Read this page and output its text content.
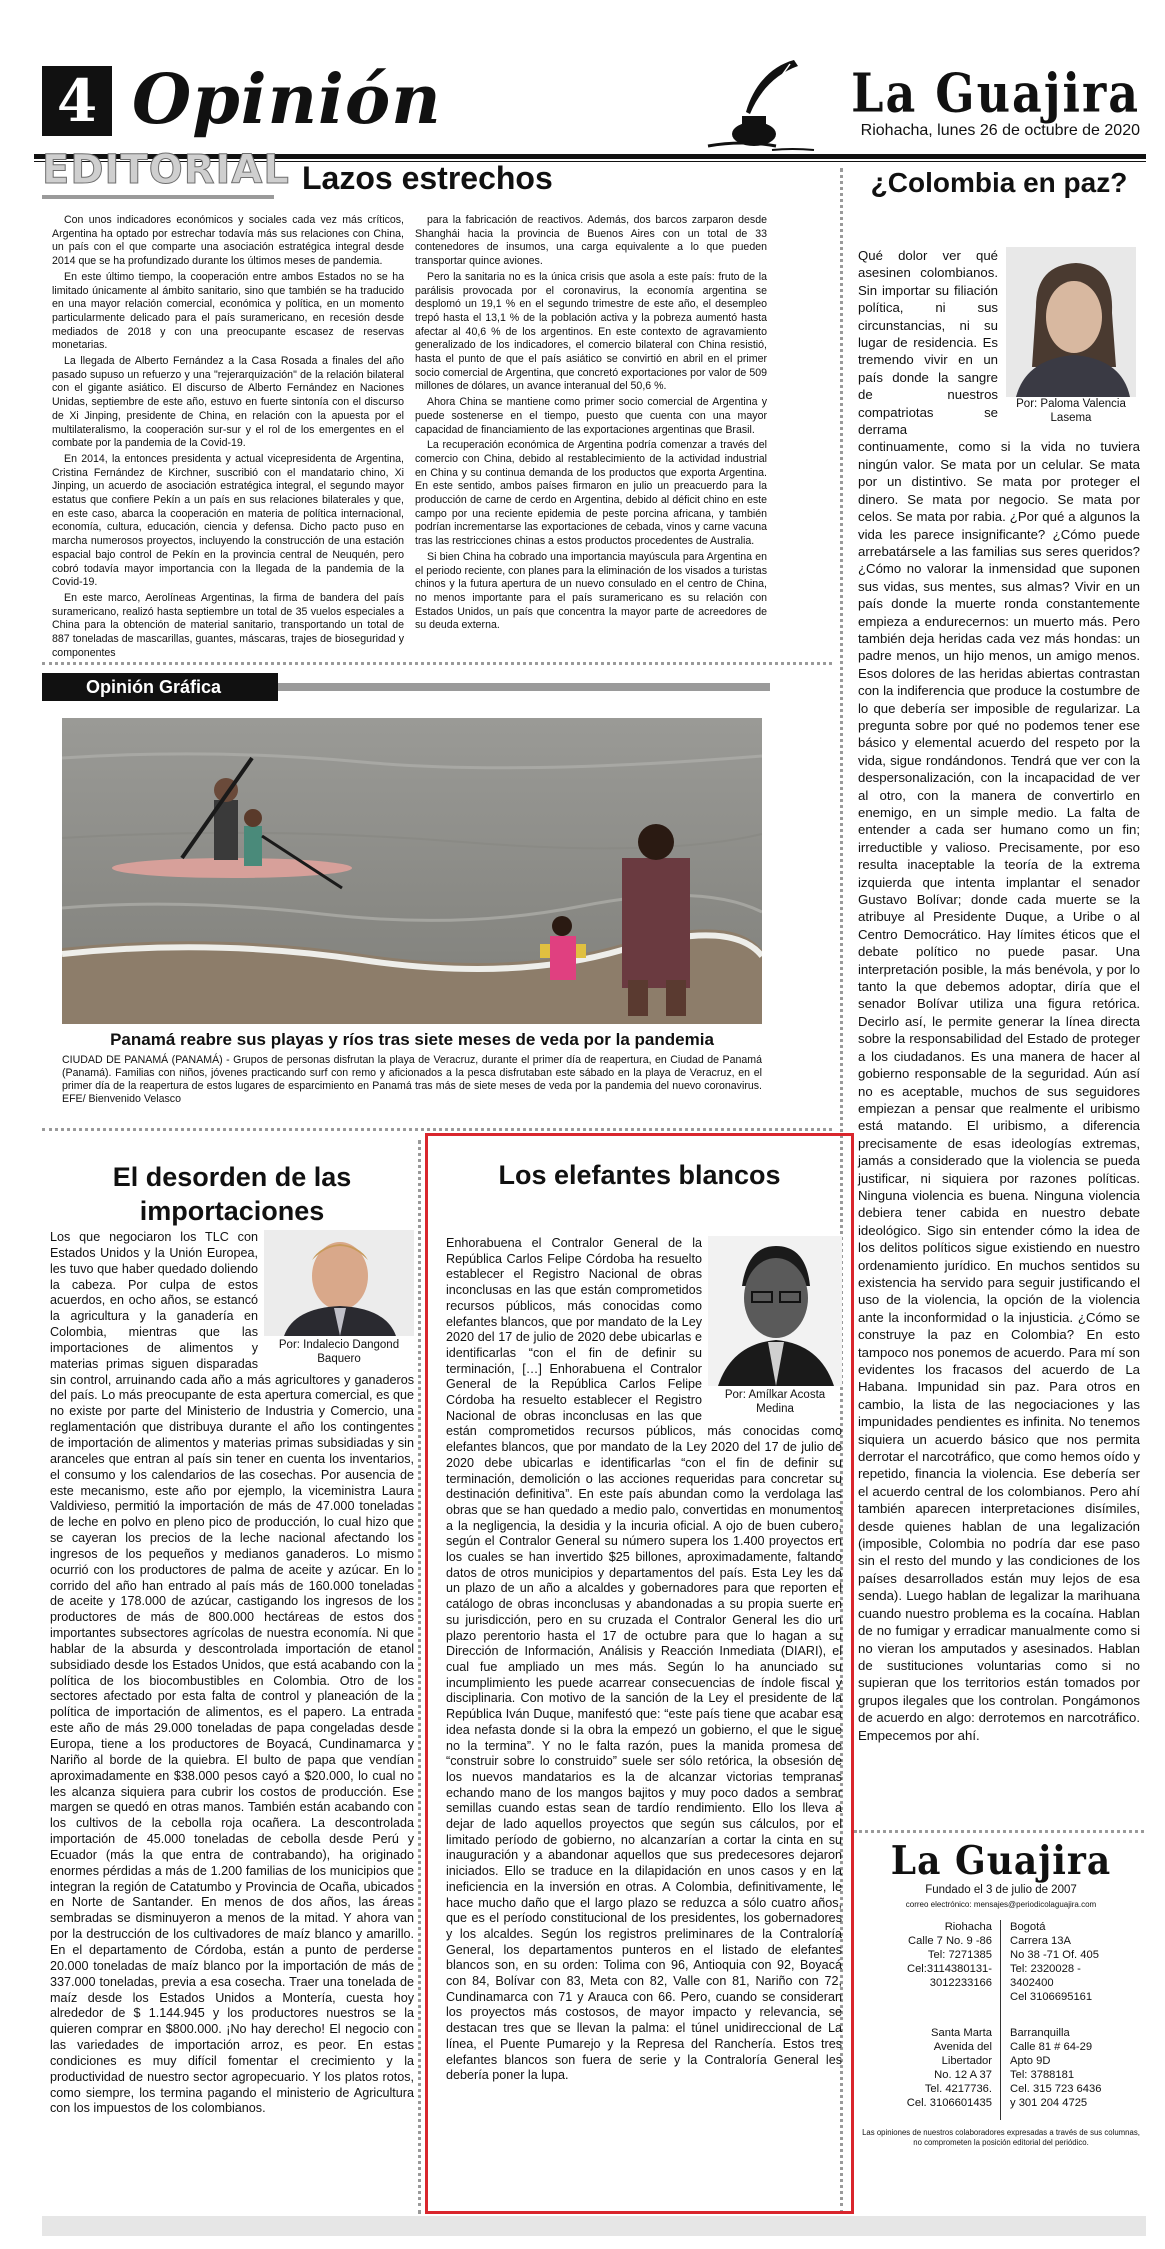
4 Opinión	La Guajira
Riohacha, lunes 26 de octubre de 2020
EDITORIAL Lazos estrechos

Con unos indicadores económicos y sociales cada vez más críticos, Argentina ha optado por estrechar todavía más sus relaciones con China, un país con el que comparte una asociación estratégica integral desde 2014 que se ha profundizado durante los últimos meses de pandemia.

En este último tiempo, la cooperación entre ambos Estados no se ha limitado únicamente al ámbito sanitario, sino que también se ha traducido en una mayor relación comercial, económica y política, en un momento particularmente delicado para el país suramericano, en recesión desde mediados de 2018 y con una preocupante escasez de reservas monetarias.

La llegada de Alberto Fernández a la Casa Rosada a finales del año pasado supuso un refuerzo y una "rejerarquización" de la relación bilateral con el gigante asiático. El discurso de Alberto Fernández en Naciones Unidas, septiembre de este año, estuvo en fuerte sintonía con el discurso de Xi Jinping, presidente de China, en relación con la apuesta por el multilateralismo, la cooperación sur-sur y el rol de los emergentes en el combate por la pandemia de la Covid-19.

En 2014, la entonces presidenta y actual vicepresidenta de Argentina, Cristina Fernández de Kirchner, suscribió con el mandatario chino, Xi Jinping, un acuerdo de asociación estratégica integral, el segundo mayor estatus que confiere Pekín a un país en sus relaciones bilaterales y que, en este caso, abarca la cooperación en materia de política internacional, economía, cultura, educación, ciencia y defensa. Dicho pacto puso en marcha numerosos proyectos, incluyendo la construcción de una estación espacial bajo control de Pekín en la provincia central de Neuquén, pero cobró todavía mayor importancia con la llegada de la pandemia de la Covid-19.

En este marco, Aerolíneas Argentinas, la firma de bandera del país suramericano, realizó hasta septiembre un total de 35 vuelos especiales a China para la obtención de material sanitario, transportando un total de 887 toneladas de mascarillas, guantes, máscaras, trajes de bioseguridad y componentes

para la fabricación de reactivos. Además, dos barcos zarparon desde Shanghái hacia la provincia de Buenos Aires con un total de 33 contenedores de insumos, una carga equivalente a lo que pueden transportar quince aviones.

Pero la sanitaria no es la única crisis que asola a este país: fruto de la parálisis provocada por el coronavirus, la economía argentina se desplomó un 19,1 % en el segundo trimestre de este año, el desempleo trepó hasta el 13,1 % de la población activa y la pobreza aumentó hasta afectar al 40,6 % de los argentinos. En este contexto de agravamiento generalizado de los indicadores, el comercio bilateral con China resistió, hasta el punto de que el país asiático se convirtió en abril en el primer socio comercial de Argentina, que concretó exportaciones por valor de 509 millones de dólares, un avance interanual del 50,6 %.

Ahora China se mantiene como primer socio comercial de Argentina y puede sostenerse en el tiempo, puesto que cuenta con una mayor capacidad de financiamiento de las exportaciones argentinas que Brasil.

La recuperación económica de Argentina podría comenzar a través del comercio con China, debido al restablecimiento de la actividad industrial en China y su continua demanda de los productos que exporta Argentina. En este sentido, ambos países firmaron en julio un preacuerdo para la producción de carne de cerdo en Argentina, debido al déficit chino en este campo por una reciente epidemia de peste porcina africana, y también podrían incrementarse las exportaciones de cebada, vinos y carne vacuna tras las restricciones chinas a estos productos procedentes de Australia.

Si bien China ha cobrado una importancia mayúscula para Argentina en el periodo reciente, con planes para la eliminación de los visados a turistas chinos y la futura apertura de un nuevo consulado en el centro de China, no menos importante para el país suramericano es su relación con Estados Unidos, un país que concentra la mayor parte de acreedores de su deuda externa.

Opinión Gráfica
Panamá reabre sus playas y ríos tras siete meses de veda por la pandemia
CIUDAD DE PANAMÁ (PANAMÁ) - Grupos de personas disfrutan la playa de Veracruz, durante el primer día de reapertura, en Ciudad de Panamá (Panamá). Familias con niños, jóvenes practicando surf con remo y aficionados a la pesca disfrutaban este sábado en la playa de Veracruz, en el primer día de la reapertura de estos lugares de esparcimiento en Panamá tras más de siete meses de veda por la pandemia del nuevo coronavirus. EFE/ Bienvenido Velasco
¿Colombia en paz?
Por: Paloma Valencia Lasema
Qué dolor ver qué asesinen colombianos. Sin importar su filiación política, ni sus circunstancias, ni su lugar de residencia. Es tremendo vivir en un país donde la sangre de nuestros compatriotas se derrama continuamente, como si la vida no tuviera ningún valor. Se mata por un celular. Se mata por un distintivo. Se mata por proteger el dinero. Se mata por negocio. Se mata por celos. Se mata por rabia. ¿Por qué a algunos la vida les parece insignificante? ¿Cómo puede arrebatársele a las familias sus seres queridos? ¿Cómo no valorar la inmensidad que suponen sus vidas, sus mentes, sus almas? Vivir en un país donde la muerte ronda constantemente empieza a endurecernos: un muerto más. Pero también deja heridas cada vez más hondas: un padre menos, un hijo menos, un amigo menos. Esos dolores de las heridas abiertas contrastan con la indiferencia que produce la costumbre de lo que debería ser imposible de regularizar. La pregunta sobre por qué no podemos tener ese básico y elemental acuerdo del respeto por la vida, sigue rondándonos. Tendrá que ver con la despersonalización, con la incapacidad de ver al otro, con la manera de convertirlo en enemigo, en un simple medio. La falta de entender a cada ser humano como un fin; irreductible y valioso. Precisamente, por eso resulta inaceptable la teoría de la extrema izquierda que intenta implantar el senador Gustavo Bolívar; donde cada muerte se la atribuye al Presidente Duque, a Uribe o al Centro Democrático. Hay límites éticos que el debate político no puede pasar. Una interpretación posible, la más benévola, y por lo tanto la que debemos adoptar, diría que el senador Bolívar utiliza una figura retórica. Decirlo así, le permite generar la línea directa sobre la responsabilidad del Estado de proteger a los ciudadanos. Es una manera de hacer al gobierno responsable de la seguridad. Aún así no es aceptable, muchos de sus seguidores empiezan a pensar que realmente el uribismo está matando. El uribismo, a diferencia precisamente de esas ideologías extremas, jamás a considerado que la violencia se pueda justificar, ni siquiera por razones políticas. Ninguna violencia es buena. Ninguna violencia debiera tener cabida en nuestro debate ideológico. Sigo sin entender cómo la idea de los delitos políticos sigue existiendo en nuestro ordenamiento jurídico. En muchos sentidos su existencia ha servido para seguir justificando el uso de la violencia, la opción de la violencia ante la inconformidad o la injusticia. ¿Cómo se construye la paz en Colombia? En esto tampoco nos ponemos de acuerdo. Para mí son evidentes los fracasos del acuerdo de La Habana. Impunidad sin paz. Para otros en cambio, la lista de las negociaciones y las impunidades pendientes es infinita. No tenemos siquiera un acuerdo básico que nos permita derrotar el narcotráfico, que como hemos oído y repetido, financia la violencia. Ese debería ser el acuerdo central de los colombianos. Pero ahí también aparecen interpretaciones disímiles, desde quienes hablan de una legalización (imposible, Colombia no podría dar ese paso sin el resto del mundo y las condiciones de los países desarrollados están muy lejos de esa senda). Luego hablan de legalizar la marihuana cuando nuestro problema es la cocaína. Hablan de no fumigar y erradicar manualmente como si no vieran los amputados y asesinados. Hablan de sustituciones voluntarias como si no supieran que los territorios están tomados por grupos ilegales que los controlan. Pongámonos de acuerdo en algo: derrotemos en narcotráfico. Empecemos por ahí.
El desorden de las importaciones
Por: Indalecio Dangond Baquero
Los que negociaron los TLC con Estados Unidos y la Unión Europea, les tuvo que haber quedado doliendo la cabeza. Por culpa de estos acuerdos, en ocho años, se estancó la agricultura y la ganadería en Colombia, mientras que las importaciones de alimentos y materias primas siguen disparadas sin control, arruinando cada año a más agricultores y ganaderos del país. Lo más preocupante de esta apertura comercial, es que no existe por parte del Ministerio de Industria y Comercio, una reglamentación que distribuya durante el año los contingentes de importación de alimentos y materias primas subsidiadas y sin aranceles que entran al país sin tener en cuenta los inventarios, el consumo y los calendarios de las cosechas. Por ausencia de este mecanismo, este año por ejemplo, la viceministra Laura Valdivieso, permitió la importación de más de 47.000 toneladas de leche en polvo en pleno pico de producción, lo cual hizo que se cayeran los precios de la leche nacional afectando los ingresos de los pequeños y medianos ganaderos. Lo mismo ocurrió con los productores de palma de aceite y azúcar. En lo corrido del año han entrado al país más de 160.000 toneladas de aceite y 178.000 de azúcar, castigando los ingresos de los productores de más de 800.000 hectáreas de estos dos importantes subsectores agrícolas de nuestra economía. Ni que hablar de la absurda y descontrolada importación de etanol subsidiado desde los Estados Unidos, que está acabando con la política de los biocombustibles en Colombia. Otro de los sectores afectado por esta falta de control y planeación de la política de importación de alimentos, es el papero. La entrada este año de más 29.000 toneladas de papa congeladas desde Europa, tiene a los productores de Boyacá, Cundinamarca y Nariño al borde de la quiebra. El bulto de papa que vendían aproximadamente en $38.000 pesos cayó a $20.000, lo cual no les alcanza siquiera para cubrir los costos de producción. Ese margen se quedó en otras manos. También están acabando con los cultivos de la cebolla roja ocañera. La descontrolada importación de 45.000 toneladas de cebolla desde Perú y Ecuador (más la que entra de contrabando), ha originado enormes pérdidas a más de 1.200 familias de los municipios que integran la región de Catatumbo y Provincia de Ocaña, ubicados en Norte de Santander. En menos de dos años, las áreas sembradas se disminuyeron a menos de la mitad. Y ahora van por la destrucción de los cultivadores de maíz blanco y amarillo. En el departamento de Córdoba, están a punto de perderse 20.000 toneladas de maíz blanco por la importación de más de 337.000 toneladas, previa a esa cosecha. Traer una tonelada de maíz desde los Estados Unidos a Montería, cuesta hoy alrededor de $ 1.144.945 y los productores nuestros se la quieren comprar en $800.000. ¡No hay derecho! El negocio con las variedades de importación arroz, es peor. En estas condiciones es muy difícil fomentar el crecimiento y la productividad de nuestro sector agropecuario. Y los platos rotos, como siempre, los termina pagando el ministerio de Agricultura con los impuestos de los colombianos.
Los elefantes blancos
Por: Amílkar Acosta Medina
Enhorabuena el Contralor General de la República Carlos Felipe Córdoba ha resuelto establecer el Registro Nacional de obras inconclusas en las que están comprometidos recursos públicos, más conocidas como elefantes blancos, que por mandato de la Ley 2020 del 17 de julio de 2020 debe ubicarlas e identificarlas “con el fin de definir su terminación, […] Enhorabuena el Contralor General de la República Carlos Felipe Córdoba ha resuelto establecer el Registro Nacional de obras inconclusas en las que están comprometidos recursos públicos, más conocidas como elefantes blancos, que por mandato de la Ley 2020 del 17 de julio de 2020 debe ubicarlas e identificarlas “con el fin de definir su terminación, demolición o las acciones requeridas para concretar su destinación definitiva”. En este país abundan como la verdolaga las obras que se han quedado a medio palo, convertidas en monumentos a la negligencia, la desidia y la incuria oficial. A ojo de buen cubero, según el Contralor General su número supera los 1.400 proyectos en los cuales se han invertido $25 billones, aproximadamente, faltando datos de otros municipios y departamentos del país. Esta Ley les da un plazo de un año a alcaldes y gobernadores para que reporten el catálogo de obras inconclusas y abandonadas a su propia suerte en su jurisdicción, pero en su cruzada el Contralor General les dio un plazo perentorio hasta el 17 de octubre para que lo hagan a su Dirección de Información, Análisis y Reacción Inmediata (DIARI), el cual fue ampliado un mes más. Según lo ha anunciado su incumplimiento les puede acarrear consecuencias de índole fiscal y disciplinaria. Con motivo de la sanción de la Ley el presidente de la República Iván Duque, manifestó que: “este país tiene que acabar esa idea nefasta donde si la obra la empezó un gobierno, el que le sigue no la termina”. Y no le falta razón, pues la manida promesa de “construir sobre lo construido” suele ser sólo retórica, la obsesión de los nuevos mandatarios es la de alcanzar victorias tempranas echando mano de los mangos bajitos y muy poco dados a sembrar semillas cuando estas sean de tardío rendimiento. Ello los lleva a dejar de lado aquellos proyectos que según sus cálculos, por el limitado período de gobierno, no alcanzarían a cortar la cinta en su inauguración y a abandonar aquellos que sus predecesores dejaron iniciados. Ello se traduce en la dilapidación en unos casos y en la ineficiencia en la inversión en otras. A Colombia, definitivamente, le hace mucho daño que el largo plazo se reduzca a sólo cuatro años, que es el período constitucional de los presidentes, los gobernadores y los alcaldes. Según los registros preliminares de la Contraloría General, los departamentos punteros en el listado de elefantes blancos son, en su orden: Tolima con 96, Antioquia con 92, Boyacá con 84, Bolívar con 83, Meta con 82, Valle con 81, Nariño con 72, Cundinamarca con 71 y Arauca con 66. Pero, cuando se consideran los proyectos más costosos, de mayor impacto y relevancia, se destacan tres que se llevan la palma: el túnel unidireccional de La línea, el Puente Pumarejo y la Represa del Ranchería. Estos tres elefantes blancos son fuera de serie y la Contraloría General les debería poner la lupa.
La Guajira
Fundado el 3 de julio de 2007
correo electrónico: mensajes@periodicolaguajira.com
Riohacha
Calle 7 No. 9 -86
Tel: 7271385
Cel:3114380131-
3012233166
Bogotá
Carrera 13A
No 38 -71 Of. 405
Tel: 2320028 -
3402400
Cel 3106695161
Santa Marta
Avenida del
Libertador
No. 12 A 37
Tel. 4217736.
Cel. 3106601435
Barranquilla
Calle 81 # 64-29
Apto 9D
Tel: 3788181
Cel. 315 723 6436
y 301 204 4725
Las opiniones de nuestros colaboradores expresadas a través de sus columnas, no comprometen la posición editorial del periódico.
